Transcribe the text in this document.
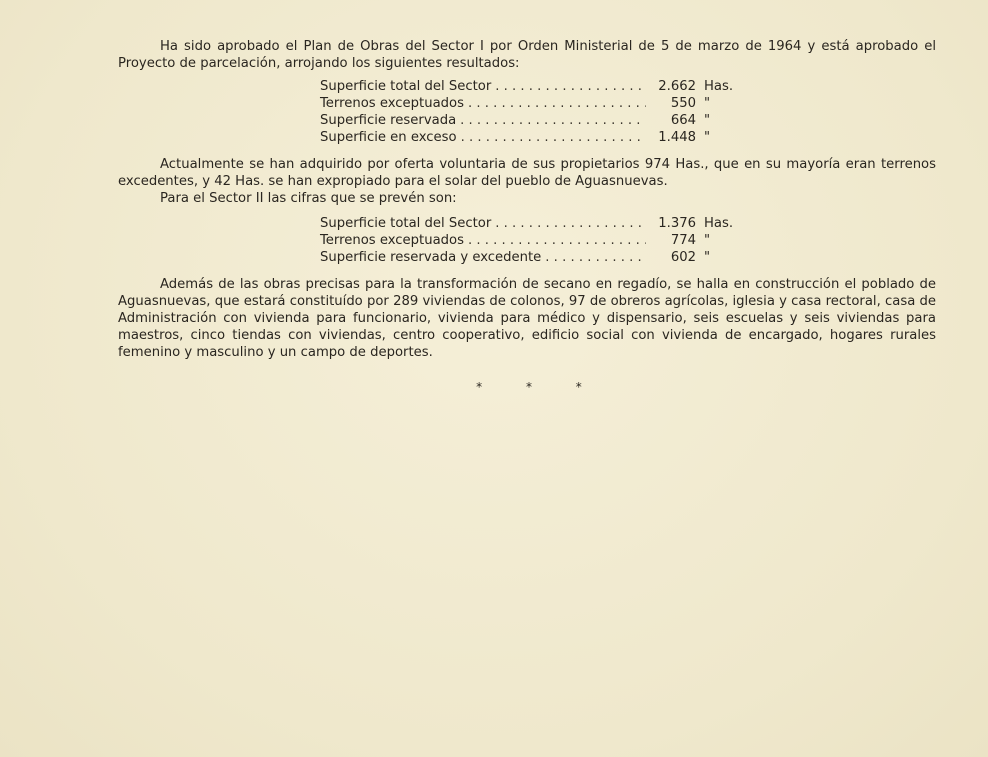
Ha sido aprobado el Plan de Obras del Sector I por Orden Ministerial de 5 de marzo de 1964 y está aprobado el Proyecto de parcelación, arrojando los siguientes resultados:

Superficie total del Sector . . .	2.662 Has.
Terrenos exceptuados . . .	550 "
Superficie reservada . . .	664 "
Superficie en exceso . . .	1.448 "

Actualmente se han adquirido por oferta voluntaria de sus propietarios 974 Has., que en su mayoría eran terrenos excedentes, y 42 Has. se han expropiado para el solar del pueblo de Aguasnuevas.

Para el Sector II las cifras que se prevén son:

Superficie total del Sector . . .	1.376 Has.
Terrenos exceptuados . . .	774 "
Superficie reservada y excedente . . .	602 "

Además de las obras precisas para la transformación de secano en regadío, se halla en construcción el poblado de Aguasnuevas, que estará constituído por 289 viviendas de colonos, 97 de obreros agrícolas, iglesia y casa rectoral, casa de Administración con vivienda para funcionario, vivienda para médico y dispensario, seis escuelas y seis viviendas para maestros, cinco tiendas con viviendas, centro cooperativo, edificio social con vivienda de encargado, hogares rurales femenino y masculino y un campo de deportes.

* * *
